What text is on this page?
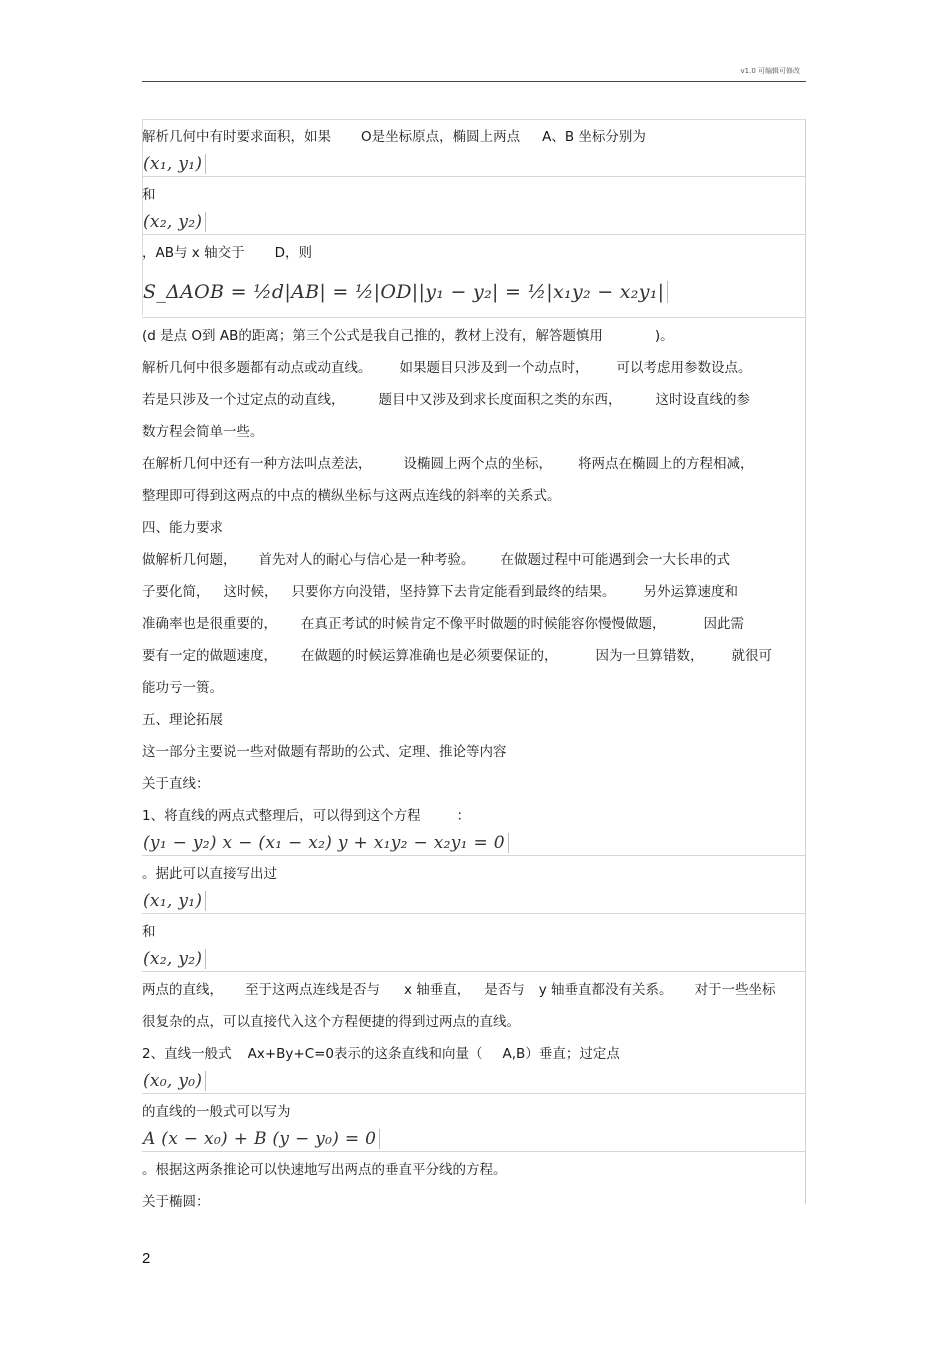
v1.0 可编辑可修改
解析几何中有时要求面积，如果 O是坐标原点，椭圆上两点 A、B 坐标分别为
(x₁, y₁)
和
(x₂, y₂)
，AB与 x 轴交于 D，则
S_ΔAOB = ½d|AB| = ½|OD||y₁ − y₂| = ½|x₁y₂ − x₂y₁|
(d 是点 O到 AB的距离；第三个公式是我自己推的，教材上没有，解答题慎用	)。
解析几何中很多题都有动点或动直线。 如果题目只涉及到一个动点时， 可以考虑用参数设点。
若是只涉及一个过定点的动直线，	题目中又涉及到求长度面积之类的东西，	这时设直线的参
数方程会简单一些。
在解析几何中还有一种方法叫点差法， 设椭圆上两个点的坐标， 将两点在椭圆上的方程相减，
整理即可得到这两点的中点的横纵坐标与这两点连线的斜率的关系式。
四、能力要求
做解析几何题， 首先对人的耐心与信心是一种考验。 在做题过程中可能遇到会一大长串的式
子要化简， 这时候， 只要你方向没错，坚持算下去肯定能看到最终的结果。 另外运算速度和
准确率也是很重要的， 在真正考试的时候肯定不像平时做题的时候能容你慢慢做题，	因此需
要有一定的做题速度， 在做题的时候运算准确也是必须要保证的，	因为一旦算错数， 就很可
能功亏一篑。
五、理论拓展
这一部分主要说一些对做题有帮助的公式、定理、推论等内容
关于直线：
1、将直线的两点式整理后，可以得到这个方程	：
(y₁ − y₂) x − (x₁ − x₂) y + x₁y₂ − x₂y₁ = 0
。据此可以直接写出过
(x₁, y₁)
和
(x₂, y₂)
两点的直线， 至于这两点连线是否与 x 轴垂直， 是否与 y 轴垂直都没有关系。 对于一些坐标
很复杂的点，可以直接代入这个方程便捷的得到过两点的直线。
2、直线一般式 Ax+By+C=0表示的这条直线和向量（ A,B）垂直；过定点
(x₀, y₀)
的直线的一般式可以写为
A (x − x₀) + B (y − y₀) = 0
。根据这两条推论可以快速地写出两点的垂直平分线的方程。
关于椭圆：
2
